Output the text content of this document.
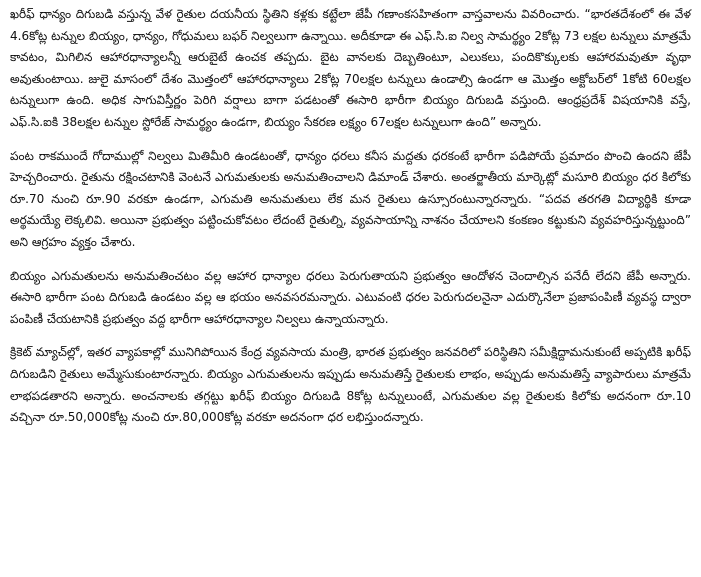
ఖరీఫ్ ధాన్యం దిగుబడి వస్తున్న వేళ రైతుల దయనీయ స్థితిని కళ్లకు కట్టేలా జేపీ గణాంకసహితంగా వాస్తవాలను వివరించారు. “భారతదేశంలో ఈ వేళ 4.6కోట్ల టన్నుల బియ్యం, ధాన్యం, గోధుమలు బఫర్ నిల్వలుగా ఉన్నాయి. అదీకూడా ఈ ఎఫ్.సి.ఐ నిల్వ సామర్థ్యం 2కోట్ల 73 లక్షల టన్నులు మాత్రమే కావటం, మిగిలిన ఆహారధాన్యాలన్నీ ఆరుబైటే ఉంచక తప్పదు. బైట వానలకు దెబ్బతింటూ, ఎలుకలు, పందికొక్కులకు ఆహారమవుతూ వృథా అవుతుంటాయి. జులై మాసంలో దేశం మొత్తంలో ఆహారధాన్యాలు 2కోట్ల 70లక్షల టన్నులు ఉండాల్సి ఉండగా ఆ మొత్తం అక్టోబర్‌లో 1కోటి 60లక్షల టన్నులుగా ఉంది. అధిక సాగువిస్తీర్ణం పెరిగి వర్షాలు బాగా పడటంతో ఈసారి భారీగా బియ్యం దిగుబడి వస్తుంది. ఆంధ్రప్రదేశ్ విషయానికి వస్తే, ఎఫ్.సి.ఐకి 38లక్షల టన్నుల స్టోరేజ్ సామర్థ్యం ఉండగా, బియ్యం సేకరణ లక్ష్యం 67లక్షల టన్నులుగా ఉంది” అన్నారు.

పంట రాకముందే గోదాముల్లో నిల్వలు మితిమీరి ఉండటంతో, ధాన్యం ధరలు కనీస మద్దతు ధరకంటే భారీగా పడిపోయే ప్రమాదం పొంచి ఉందని జేపీ హెచ్చరించారు. రైతును రక్షించటానికి వెంటనే ఎగుమతులకు అనుమతించాలని డిమాండ్ చేశారు. అంతర్జాతీయ మార్కెట్లో మసూరి బియ్యం ధర కిలోకు రూ.70 నుంచి రూ.90 వరకూ ఉండగా, ఎగుమతి అనుమతులు లేక మన రైతులు ఉస్సూరంటున్నారన్నారు. “పదవ తరగతి విద్యార్థికి కూడా అర్థమయ్యే లెక్కలివి. అయినా ప్రభుత్వం పట్టించుకోవటం లేదంటే రైతుల్ని, వ్యవసాయాన్ని నాశనం చేయాలని కంకణం కట్టుకుని వ్యవహరిస్తున్నట్టుంది” అని ఆగ్రహం వ్యక్తం చేశారు.

బియ్యం ఎగుమతులను అనుమతించటం వల్ల ఆహార ధాన్యాల ధరలు పెరుగుతాయని ప్రభుత్వం ఆందోళన చెందాల్సిన పనేదీ లేదని జేపీ అన్నారు. ఈసారి భారీగా పంట దిగుబడి ఉండటం వల్ల ఆ భయం అనవసరమన్నారు. ఎటువంటి ధరల పెరుగుదలనైనా ఎదుర్కొనేలా ప్రజాపంపిణీ వ్యవస్థ ద్వారా పంపిణీ చేయటానికి ప్రభుత్వం వద్ద భారీగా ఆహారధాన్యాల నిల్వలు ఉన్నాయన్నారు.

క్రికెట్ మ్యాచ్‌ల్లో, ఇతర వ్యాపకాల్లో మునిగిపోయిన కేంద్ర వ్యవసాయ మంత్రి, భారత ప్రభుత్వం జనవరిలో పరిస్థితిని సమీక్షిద్దామనుకుంటే అప్పటికి ఖరీఫ్ దిగుబడిని రైతులు అమ్మేసుకుంటారన్నారు. బియ్యం ఎగుమతులను ఇప్పుడు అనుమతిస్తే రైతులకు లాభం, అప్పుడు అనుమతిస్తే వ్యాపారులు మాత్రమే లాభపడతారని అన్నారు. అంచనాలకు తగ్గట్టు ఖరీఫ్ బియ్యం దిగుబడి 8కోట్ల టన్నులుంటే, ఎగుమతుల వల్ల రైతులకు కిలోకు అదనంగా రూ.10 వచ్చినా రూ.50,000కోట్ల నుంచి రూ.80,000కోట్ల వరకూ అదనంగా ధర లభిస్తుందన్నారు.
